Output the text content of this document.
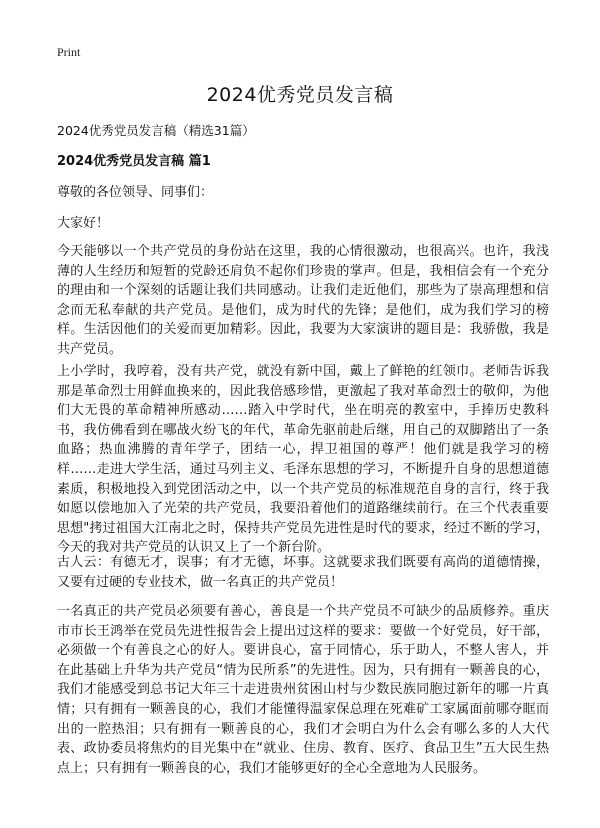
Print
2024优秀党员发言稿
2024优秀党员发言稿（精选31篇）
2024优秀党员发言稿 篇1
尊敬的各位领导、同事们：
大家好！

今天能够以一个共产党员的身份站在这里，我的心情很激动，也很高兴。也许，我浅薄的人生经历和短暂的党龄还肩负不起你们珍贵的掌声。但是，我相信会有一个充分的理由和一个深刻的话题让我们共同感动。让我们走近他们，那些为了崇高理想和信念而无私奉献的共产党员。是他们，成为时代的先锋；是他们，成为我们学习的榜样。生活因他们的关爱而更加精彩。因此，我要为大家演讲的题目是：我骄傲，我是共产党员。

上小学时，我哼着，没有共产党，就没有新中国，戴上了鲜艳的红领巾。老师告诉我那是革命烈士用鲜血换来的，因此我倍感珍惜，更激起了我对革命烈士的敬仰，为他们大无畏的革命精神所感动……踏入中学时代，坐在明亮的教室中，手捧历史教科书，我仿佛看到在哪战火纷飞的年代，革命先驱前赴后继，用自己的双脚踏出了一条血路；热血沸腾的青年学子，团结一心，捍卫祖国的尊严！他们就是我学习的榜样……走进大学生活，通过马列主义、毛泽东思想的学习，不断提升自身的思想道德素质，积极地投入到党团活动之中，以一个共产党员的标准规范自身的言行，终于我如愿以偿地加入了光荣的共产党员，我要沿着他们的道路继续前行。在三个代表重要思想"拷过祖国大江南北之时，保持共产党员先进性是时代的要求，经过不断的学习，今天的我对共产党员的认识又上了一个新台阶。

古人云：有德无才，误事；有才无德，坏事。这就要求我们既要有高尚的道德情操，又要有过硬的专业技术，做一名真正的共产党员！

一名真正的共产党员必须要有善心，善良是一个共产党员不可缺少的品质修养。重庆市市长王鸿举在党员先进性报告会上提出过这样的要求：要做一个好党员，好干部，必须做一个有善良之心的好人。要讲良心，富于同情心，乐于助人，不整人害人，并在此基础上升华为共产党员“情为民所系”的先进性。因为，只有拥有一颗善良的心，我们才能感受到总书记大年三十走进贵州贫困山村与少数民族同胞过新年的哪一片真情；只有拥有一颗善良的心，我们才能懂得温家保总理在死难矿工家属面前哪夺眶而出的一腔热泪；只有拥有一颗善良的心，我们才会明白为什么会有哪么多的人大代表、政协委员将焦灼的目光集中在“就业、住房、教育、医疗、食品卫生”五大民生热点上；只有拥有一颗善良的心，我们才能够更好的全心全意地为人民服务。
